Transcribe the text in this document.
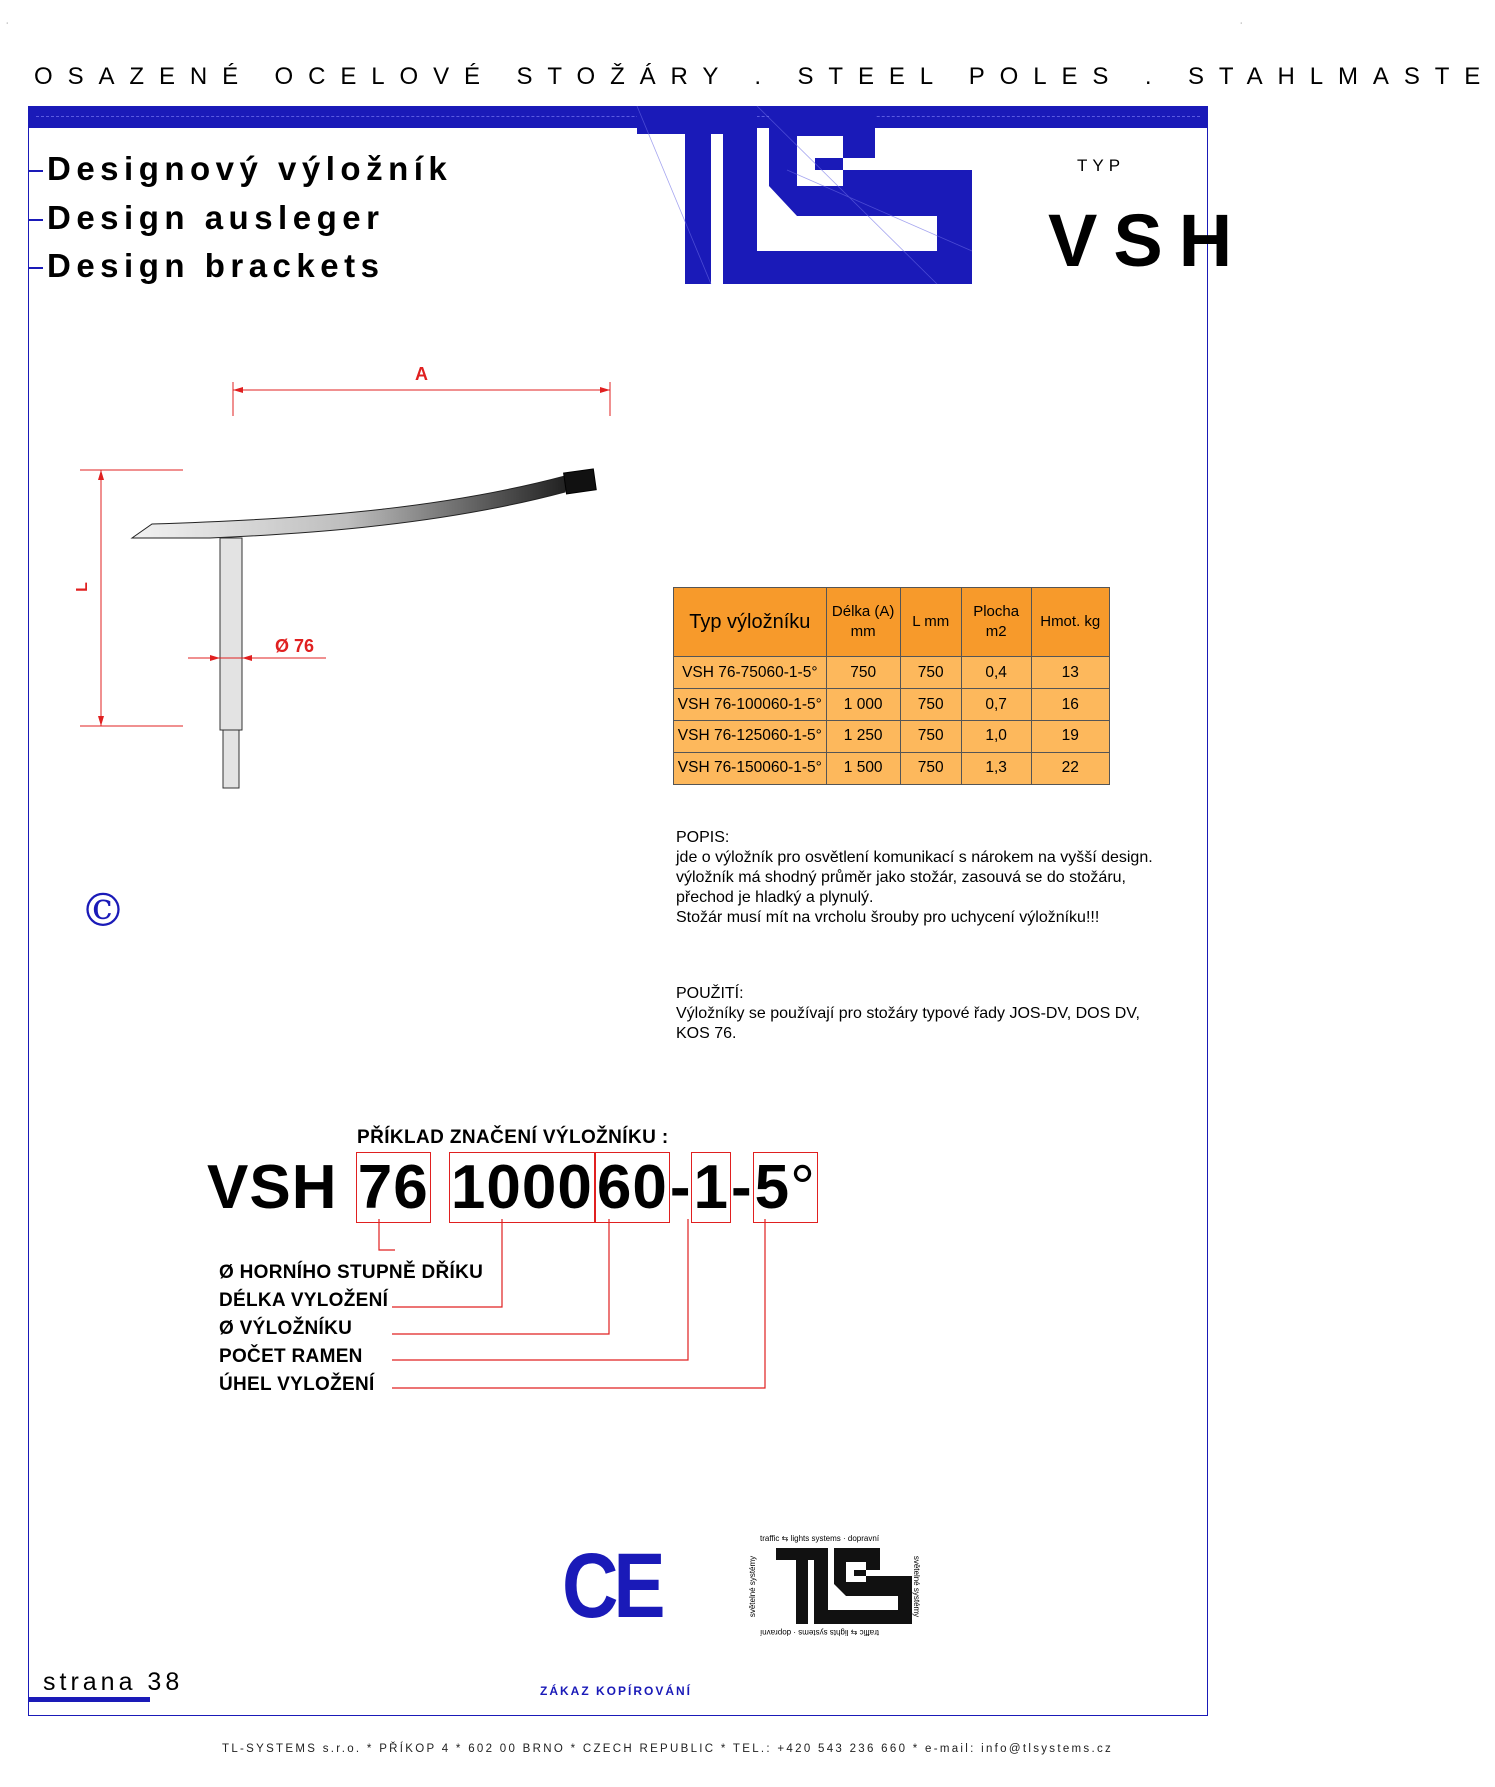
˙	˙
OSAZENÉ OCELOVÉ STOŽÁRY . STEEL POLES . STAHLMASTE
Designový výložník
Design ausleger
Design brackets
TYP
VSH
A
L
Ø 76
©
Typ výložníku	Délka (A) mm	L mm	Plocha m2	Hmot. kg
VSH 76-75060-1-5°	750	750	0,4	13
VSH 76-100060-1-5°	1 000	750	0,7	16
VSH 76-125060-1-5°	1 250	750	1,0	19
VSH 76-150060-1-5°	1 500	750	1,3	22
POPIS:
jde o výložník pro osvětlení komunikací s nárokem na vyšší design.
výložník má shodný průměr jako stožár, zasouvá se do stožáru,
přechod je hladký a plynulý.
Stožár musí mít na vrcholu šrouby pro uchycení výložníku!!!
POUŽITÍ:
Výložníky se používají pro stožáry typové řady JOS-DV, DOS DV,
KOS 76.
PŘÍKLAD ZNAČENÍ VÝLOŽNÍKU :
VSH 76 100060-1-5°
Ø HORNÍHO STUPNĚ DŘÍKU
DÉLKA VYLOŽENÍ
Ø VÝLOŽNÍKU
POČET RAMEN
ÚHEL VYLOŽENÍ
CE	traffic ⇆ lights systems · dopravní
traffic ⇆ lights systems · dopravní
světelné systémy	světelné systémy
strana 38	ZÁKAZ KOPÍROVÁNÍ
TL-SYSTEMS s.r.o. * PŘÍKOP 4 * 602 00 BRNO * CZECH REPUBLIC * TEL.: +420 543 236 660 * e-mail: info@tlsystems.cz
